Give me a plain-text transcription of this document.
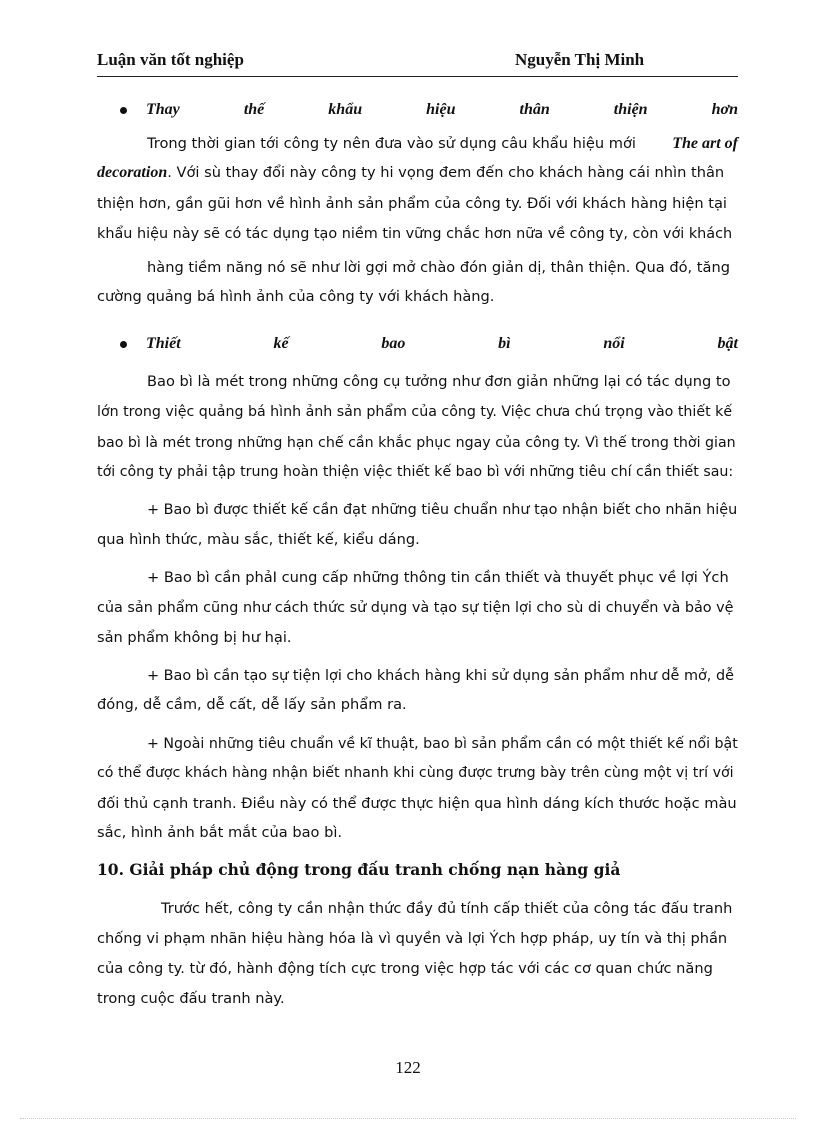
Luận văn tốt nghiệp	Nguyễn Thị Minh
Thay	thế	khẩu	hiệu	thân	thiện	hơn
Trong thời gian tới công ty nên đưa vào sử dụng câu khẩu hiệu mới The art of
decoration. Với sù thay đổi này công ty hi vọng đem đến cho khách hàng cái nhìn thân
thiện hơn, gần gũi hơn về hình ảnh sản phẩm của công ty. Đối với khách hàng hiện tại
khẩu hiệu này sẽ có tác dụng tạo niềm tin vững chắc hơn nữa về công ty, còn với khách
hàng tiềm năng nó sẽ như lời gợi mở chào đón giản dị, thân thiện. Qua đó, tăng
cường quảng bá hình ảnh của công ty với khách hàng.
Thiết	kế	bao	bì	nổi	bật
Bao bì là mét trong những công cụ tưởng như đơn giản những lại có tác dụng to
lớn trong việc quảng bá hình ảnh sản phẩm của công ty. Việc chưa chú trọng vào thiết kế
bao bì là mét trong những hạn chế cần khắc phục ngay của công ty. Vì thế trong thời gian
tới công ty phải tập trung hoàn thiện việc thiết kế bao bì với những tiêu chí cần thiết sau:
+ Bao bì được thiết kế cần đạt những tiêu chuẩn như tạo nhận biết cho nhãn hiệu
qua hình thức, màu sắc, thiết kế, kiểu dáng.
+ Bao bì cần phảI cung cấp những thông tin cần thiết và thuyết phục về lợi Ých
của sản phẩm cũng như cách thức sử dụng và tạo sự tiện lợi cho sù di chuyển và bảo vệ
sản phẩm không bị hư hại.
+ Bao bì cần tạo sự tiện lợi cho khách hàng khi sử dụng sản phẩm như dễ mở, dễ
đóng, dễ cầm, dễ cất, dễ lấy sản phẩm ra.
+ Ngoài những tiêu chuẩn về kĩ thuật, bao bì sản phẩm cần có một thiết kế nổi bật
có thể được khách hàng nhận biết nhanh khi cùng được trưng bày trên cùng một vị trí với
đối thủ cạnh tranh. Điều này có thể được thực hiện qua hình dáng kích thước hoặc màu
sắc, hình ảnh bắt mắt của bao bì.
10. Giải pháp chủ động trong đấu tranh chống nạn hàng giả
Trước hết, công ty cần nhận thức đầy đủ tính cấp thiết của công tác đấu tranh
chống vi phạm nhãn hiệu hàng hóa là vì quyền và lợi Ých hợp pháp, uy tín và thị phần
của công ty. từ đó, hành động tích cực trong việc hợp tác với các cơ quan chức năng
trong cuộc đấu tranh này.
122
